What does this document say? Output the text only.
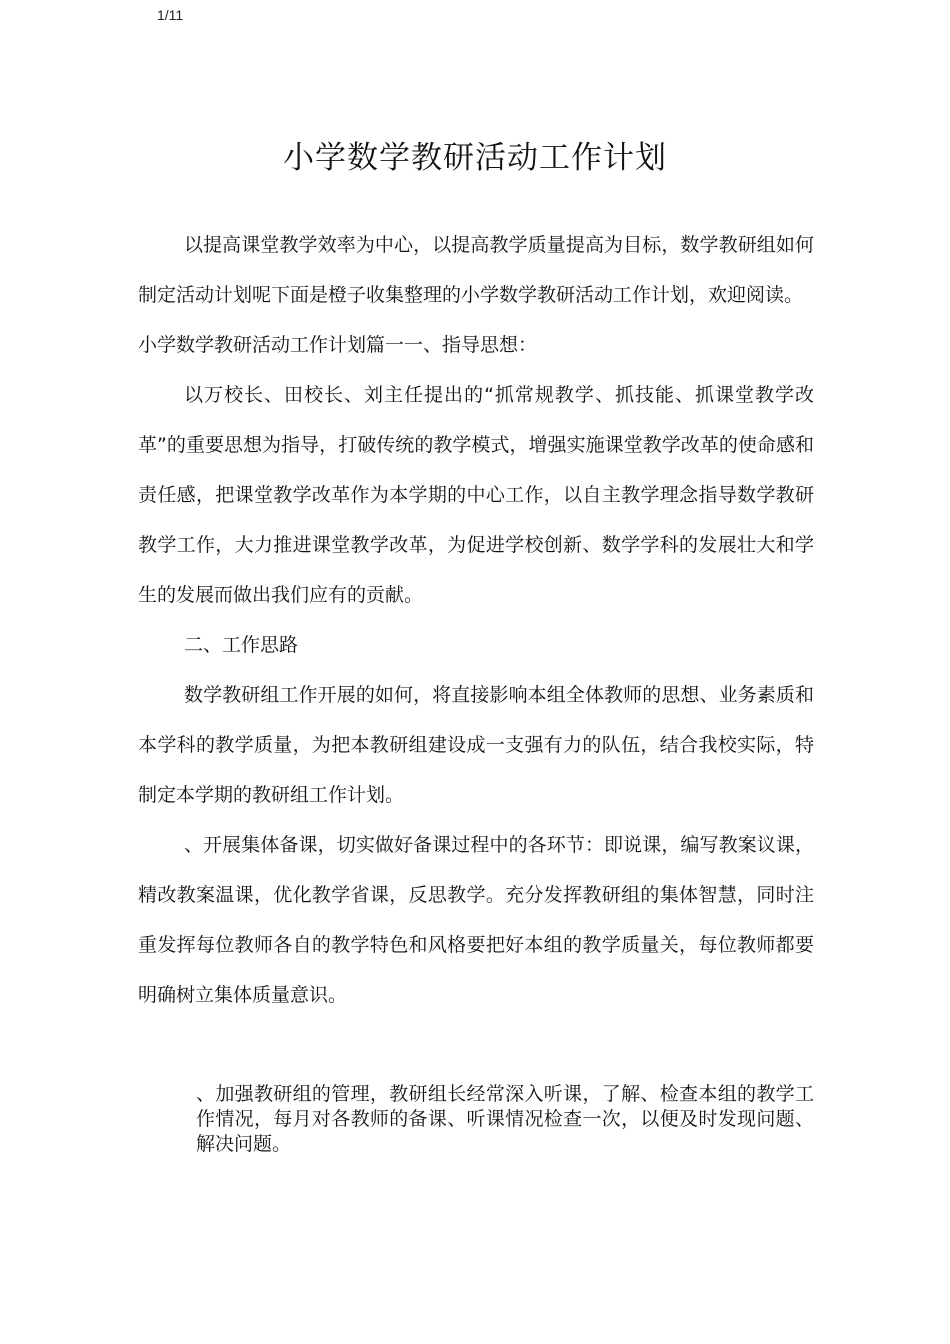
1/11
小学数学教研活动工作计划

以提高课堂教学效率为中心，以提高教学质量提高为目标，数学教研组如何制定活动计划呢下面是橙子收集整理的小学数学教研活动工作计划，欢迎阅读。

小学数学教研活动工作计划篇一一、指导思想：

以万校长、田校长、刘主任提出的“抓常规教学、抓技能、抓课堂教学改革”的重要思想为指导，打破传统的教学模式，增强实施课堂教学改革的使命感和责任感，把课堂教学改革作为本学期的中心工作，以自主教学理念指导数学教研教学工作，大力推进课堂教学改革，为促进学校创新、数学学科的发展壮大和学生的发展而做出我们应有的贡献。

二、工作思路

数学教研组工作开展的如何，将直接影响本组全体教师的思想、业务素质和本学科的教学质量，为把本教研组建设成一支强有力的队伍，结合我校实际，特制定本学期的教研组工作计划。

、开展集体备课，切实做好备课过程中的各环节：即说课，编写教案议课，精改教案温课，优化教学省课，反思教学。充分发挥教研组的集体智慧，同时注重发挥每位教师各自的教学特色和风格要把好本组的教学质量关，每位教师都要明确树立集体质量意识。

、加强教研组的管理，教研组长经常深入听课，了解、检查本组的教学工作情况，每月对各教师的备课、听课情况检查一次，以便及时发现问题、解决问题。
